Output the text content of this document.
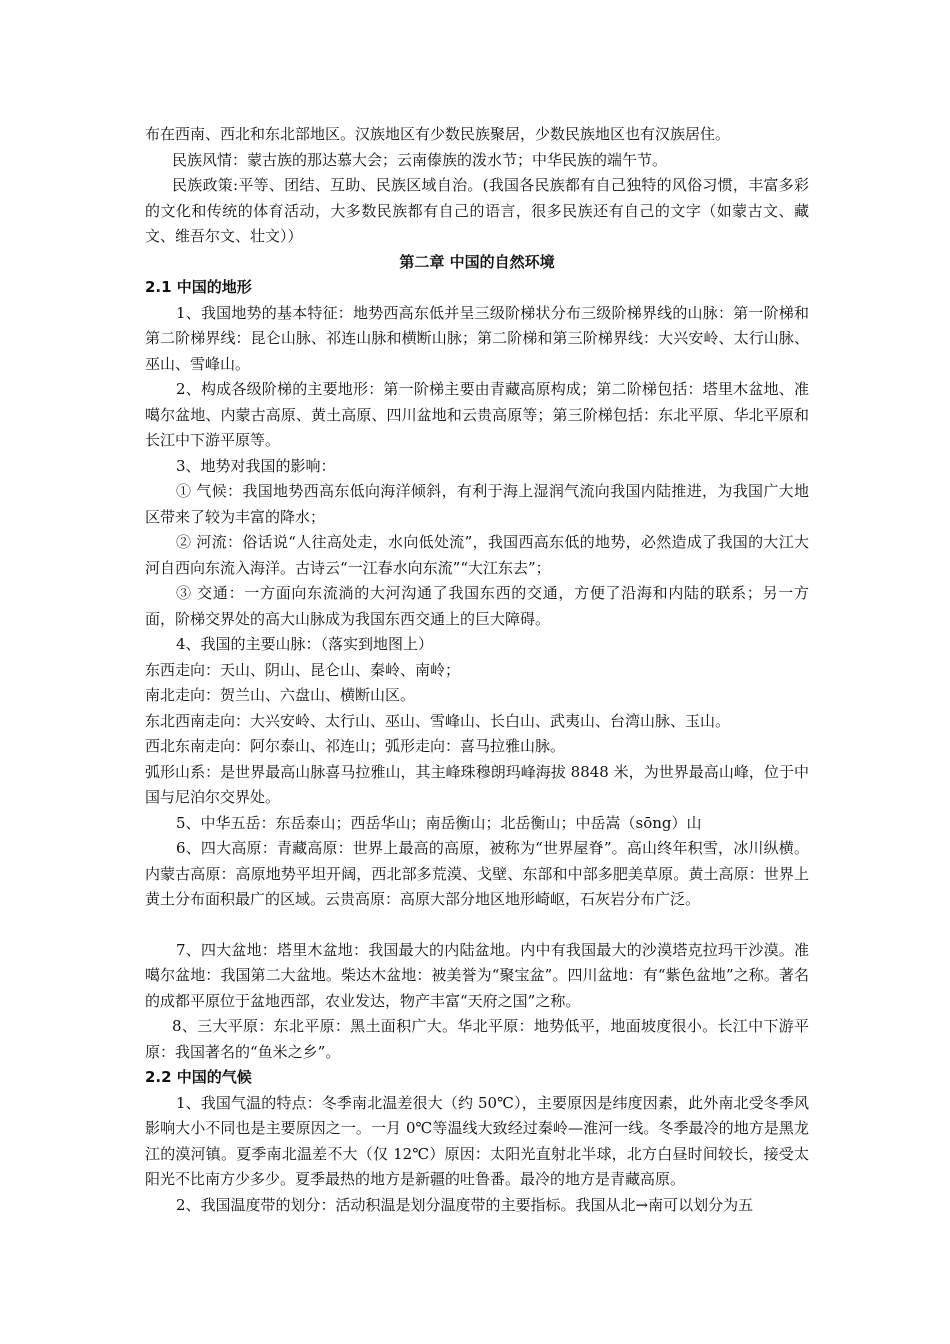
布在西南、西北和东北部地区。汉族地区有少数民族聚居，少数民族地区也有汉族居住。

民族风情：蒙古族的那达慕大会；云南傣族的泼水节；中华民族的端午节。

民族政策:平等、团结、互助、民族区域自治。(我国各民族都有自己独特的风俗习惯，丰富多彩的文化和传统的体育活动，大多数民族都有自己的语言，很多民族还有自己的文字（如蒙古文、藏文、维吾尔文、壮文））

第二章 中国的自然环境

2.1 中国的地形

1、我国地势的基本特征：地势西高东低并呈三级阶梯状分布三级阶梯界线的山脉：第一阶梯和第二阶梯界线：昆仑山脉、祁连山脉和横断山脉；第二阶梯和第三阶梯界线：大兴安岭、太行山脉、巫山、雪峰山。

2、构成各级阶梯的主要地形：第一阶梯主要由青藏高原构成；第二阶梯包括：塔里木盆地、准噶尔盆地、内蒙古高原、黄土高原、四川盆地和云贵高原等；第三阶梯包括：东北平原、华北平原和长江中下游平原等。

3、地势对我国的影响：

① 气候：我国地势西高东低向海洋倾斜，有利于海上湿润气流向我国内陆推进，为我国广大地区带来了较为丰富的降水；

② 河流：俗话说“人往高处走，水向低处流”，我国西高东低的地势，必然造成了我国的大江大河自西向东流入海洋。古诗云“一江春水向东流”“大江东去”；

③ 交通：一方面向东流淌的大河沟通了我国东西的交通，方便了沿海和内陆的联系；另一方面，阶梯交界处的高大山脉成为我国东西交通上的巨大障碍。

4、我国的主要山脉：（落实到地图上）

东西走向：天山、阴山、昆仑山、秦岭、南岭；

南北走向：贺兰山、六盘山、横断山区。

东北西南走向：大兴安岭、太行山、巫山、雪峰山、长白山、武夷山、台湾山脉、玉山。

西北东南走向：阿尔泰山、祁连山；弧形走向：喜马拉雅山脉。

弧形山系：是世界最高山脉喜马拉雅山，其主峰珠穆朗玛峰海拔 8848 米，为世界最高山峰，位于中国与尼泊尔交界处。

5、中华五岳：东岳泰山；西岳华山；南岳衡山；北岳衡山；中岳嵩（sōng）山

6、四大高原：青藏高原：世界上最高的高原，被称为“世界屋脊”。高山终年积雪，冰川纵横。内蒙古高原：高原地势平坦开阔，西北部多荒漠、戈壁、东部和中部多肥美草原。黄土高原：世界上黄土分布面积最广的区域。云贵高原：高原大部分地区地形崎岖，石灰岩分布广泛。

7、四大盆地：塔里木盆地：我国最大的内陆盆地。内中有我国最大的沙漠塔克拉玛干沙漠。准噶尔盆地：我国第二大盆地。柴达木盆地：被美誉为“聚宝盆”。四川盆地：有“紫色盆地”之称。著名的成都平原位于盆地西部，农业发达，物产丰富“天府之国”之称。

8、三大平原：东北平原：黑土面积广大。华北平原：地势低平，地面坡度很小。长江中下游平原：我国著名的“鱼米之乡”。

2.2 中国的气候

1、我国气温的特点：冬季南北温差很大（约 50℃），主要原因是纬度因素，此外南北受冬季风影响大小不同也是主要原因之一。一月 0℃等温线大致经过秦岭—淮河一线。冬季最冷的地方是黑龙江的漠河镇。夏季南北温差不大（仅 12℃）原因：太阳光直射北半球，北方白昼时间较长，接受太阳光不比南方少多少。夏季最热的地方是新疆的吐鲁番。最冷的地方是青藏高原。

2、我国温度带的划分：活动积温是划分温度带的主要指标。我国从北→南可以划分为五
